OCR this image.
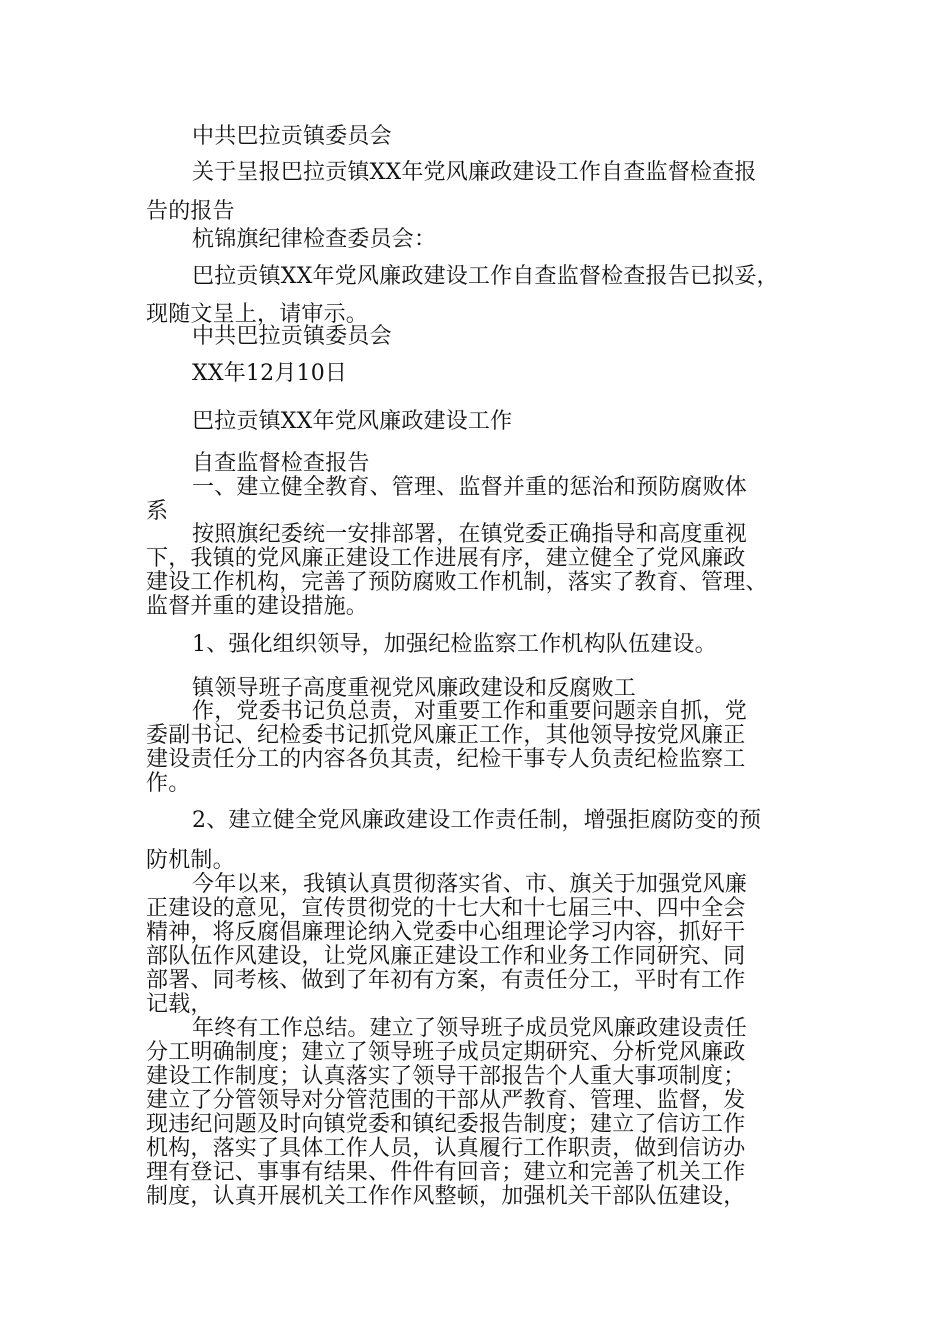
中共巴拉贡镇委员会
关于呈报巴拉贡镇XX年党风廉政建设工作自查监督检查报
告的报告
杭锦旗纪律检查委员会：
巴拉贡镇XX年党风廉政建设工作自查监督检查报告已拟妥，
现随文呈上，请审示。
中共巴拉贡镇委员会
XX年12月10日
巴拉贡镇XX年党风廉政建设工作
自查监督检查报告
一、建立健全教育、管理、监督并重的惩治和预防腐败体
系
按照旗纪委统一安排部署，在镇党委正确指导和高度重视
下，我镇的党风廉正建设工作进展有序，建立健全了党风廉政
建设工作机构，完善了预防腐败工作机制，落实了教育、管理、
监督并重的建设措施。
1、强化组织领导，加强纪检监察工作机构队伍建设。
镇领导班子高度重视党风廉政建设和反腐败工
作，党委书记负总责，对重要工作和重要问题亲自抓，党
委副书记、纪检委书记抓党风廉正工作，其他领导按党风廉正
建设责任分工的内容各负其责，纪检干事专人负责纪检监察工
作。
2、建立健全党风廉政建设工作责任制，增强拒腐防变的预
防机制。
今年以来，我镇认真贯彻落实省、市、旗关于加强党风廉
正建设的意见，宣传贯彻党的十七大和十七届三中、四中全会
精神，将反腐倡廉理论纳入党委中心组理论学习内容，抓好干
部队伍作风建设，让党风廉正建设工作和业务工作同研究、同
部署、同考核、做到了年初有方案，有责任分工，平时有工作
记载，
年终有工作总结。建立了领导班子成员党风廉政建设责任
分工明确制度；建立了领导班子成员定期研究、分析党风廉政
建设工作制度；认真落实了领导干部报告个人重大事项制度；
建立了分管领导对分管范围的干部从严教育、管理、监督，发
现违纪问题及时向镇党委和镇纪委报告制度；建立了信访工作
机构，落实了具体工作人员，认真履行工作职责，做到信访办
理有登记、事事有结果、件件有回音；建立和完善了机关工作
制度，认真开展机关工作作风整顿，加强机关干部队伍建设，
